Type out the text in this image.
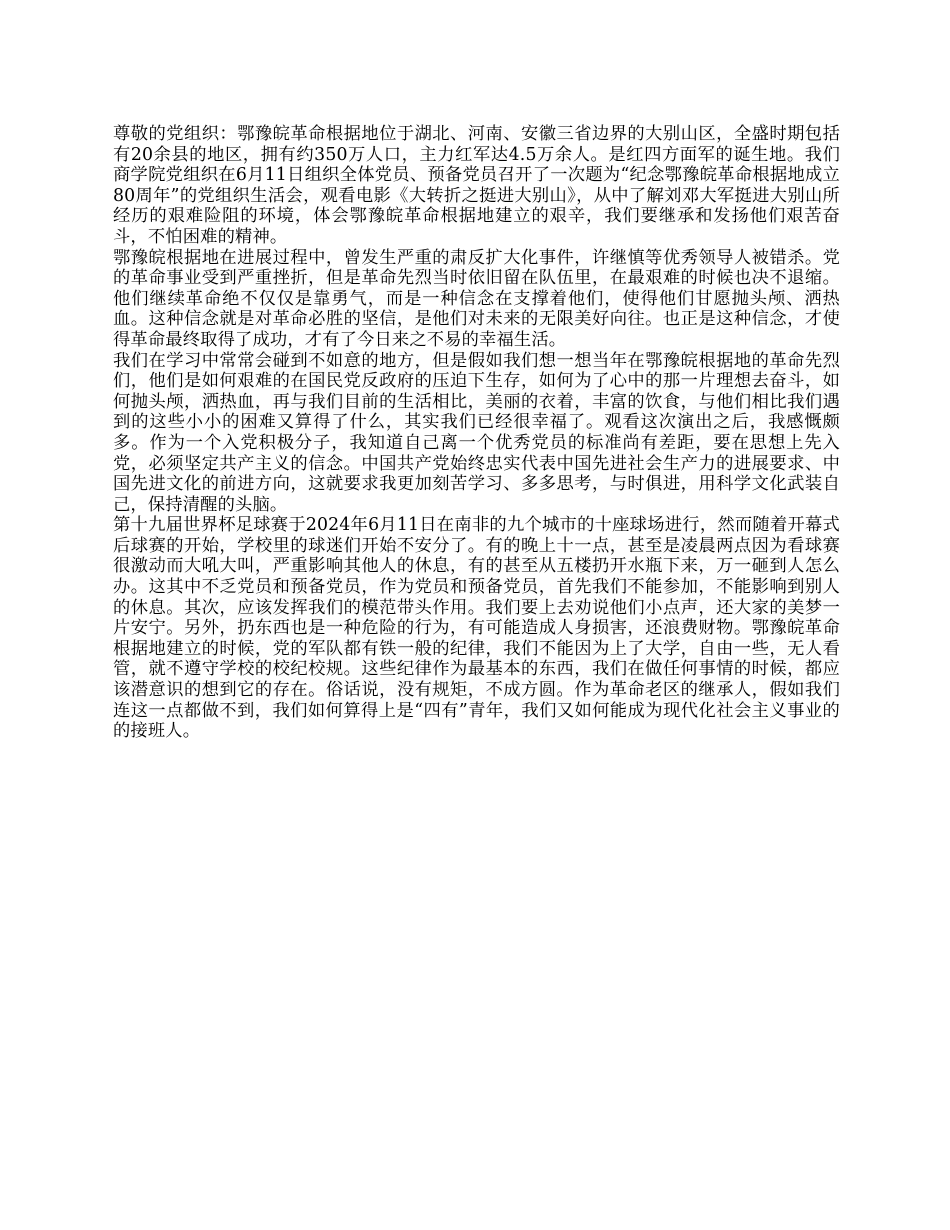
尊敬的党组织：鄂豫皖革命根据地位于湖北、河南、安徽三省边界的大别山区，全盛时期包括有20余县的地区，拥有约350万人口，主力红军达4.5万余人。是红四方面军的诞生地。我们商学院党组织在6月11日组织全体党员、预备党员召开了一次题为“纪念鄂豫皖革命根据地成立80周年”的党组织生活会，观看电影《大转折之挺进大别山》，从中了解刘邓大军挺进大别山所经历的艰难险阻的环境，体会鄂豫皖革命根据地建立的艰辛，我们要继承和发扬他们艰苦奋斗，不怕困难的精神。

鄂豫皖根据地在进展过程中，曾发生严重的肃反扩大化事件，许继慎等优秀领导人被错杀。党的革命事业受到严重挫折，但是革命先烈当时依旧留在队伍里，在最艰难的时候也决不退缩。他们继续革命绝不仅仅是靠勇气，而是一种信念在支撑着他们，使得他们甘愿抛头颅、洒热血。这种信念就是对革命必胜的坚信，是他们对未来的无限美好向往。也正是这种信念，才使得革命最终取得了成功，才有了今日来之不易的幸福生活。

我们在学习中常常会碰到不如意的地方，但是假如我们想一想当年在鄂豫皖根据地的革命先烈们，他们是如何艰难的在国民党反政府的压迫下生存，如何为了心中的那一片理想去奋斗，如何抛头颅，洒热血，再与我们目前的生活相比，美丽的衣着，丰富的饮食，与他们相比我们遇到的这些小小的困难又算得了什么，其实我们已经很幸福了。观看这次演出之后，我感慨颇多。作为一个入党积极分子，我知道自己离一个优秀党员的标准尚有差距，要在思想上先入党，必须坚定共产主义的信念。中国共产党始终忠实代表中国先进社会生产力的进展要求、中国先进文化的前进方向，这就要求我更加刻苦学习、多多思考，与时俱进，用科学文化武装自己，保持清醒的头脑。

第十九届世界杯足球赛于2024年6月11日在南非的九个城市的十座球场进行，然而随着开幕式后球赛的开始，学校里的球迷们开始不安分了。有的晚上十一点，甚至是凌晨两点因为看球赛很激动而大吼大叫，严重影响其他人的休息，有的甚至从五楼扔开水瓶下来，万一砸到人怎么办。这其中不乏党员和预备党员，作为党员和预备党员，首先我们不能参加，不能影响到别人的休息。其次，应该发挥我们的模范带头作用。我们要上去劝说他们小点声，还大家的美梦一片安宁。另外，扔东西也是一种危险的行为，有可能造成人身损害，还浪费财物。鄂豫皖革命根据地建立的时候，党的军队都有铁一般的纪律，我们不能因为上了大学，自由一些，无人看管，就不遵守学校的校纪校规。这些纪律作为最基本的东西，我们在做任何事情的时候，都应该潜意识的想到它的存在。俗话说，没有规矩，不成方圆。作为革命老区的继承人，假如我们连这一点都做不到，我们如何算得上是“四有”青年，我们又如何能成为现代化社会主义事业的的接班人。
